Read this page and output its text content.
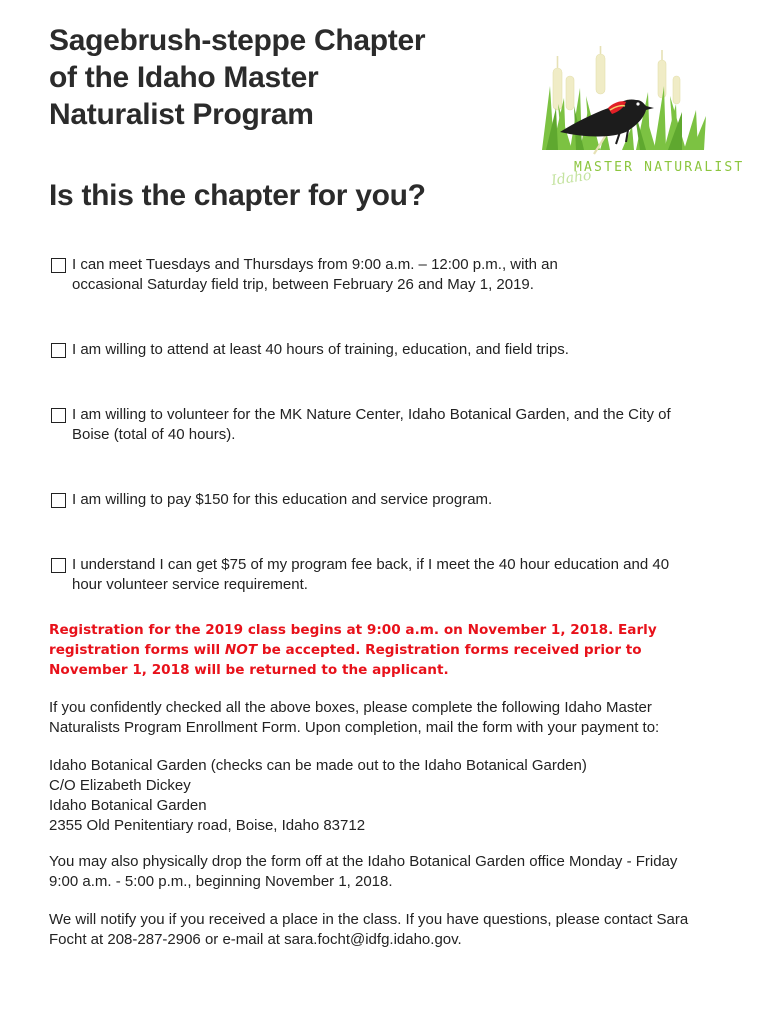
Sagebrush-steppe Chapter
of the Idaho Master
Naturalist Program
MASTER NATURALIST
Idaho
Is this the chapter for you?
I can meet Tuesdays and Thursdays from 9:00 a.m. – 12:00 p.m., with an
occasional Saturday field trip, between February 26 and May 1, 2019.
I am willing to attend at least 40 hours of training, education, and field trips.
I am willing to volunteer for the MK Nature Center, Idaho Botanical Garden, and the City of
Boise (total of 40 hours).
I am willing to pay $150 for this education and service program.
I understand I can get $75 of my program fee back, if I meet the 40 hour education and 40
hour volunteer service requirement.

Registration for the 2019 class begins at 9:00 a.m. on November 1, 2018. Early registration forms will NOT be accepted. Registration forms received prior to November 1, 2018 will be returned to the applicant.

If you confidently checked all the above boxes, please complete the following Idaho Master
Naturalists Program Enrollment Form. Upon completion, mail the form with your payment to:

Idaho Botanical Garden (checks can be made out to the Idaho Botanical Garden)
C/O Elizabeth Dickey
Idaho Botanical Garden
2355 Old Penitentiary road, Boise, Idaho 83712

You may also physically drop the form off at the Idaho Botanical Garden office Monday - Friday
9:00 a.m. - 5:00 p.m., beginning November 1, 2018.

We will notify you if you received a place in the class. If you have questions, please contact Sara
Focht at 208-287-2906 or e-mail at sara.focht@idfg.idaho.gov.
